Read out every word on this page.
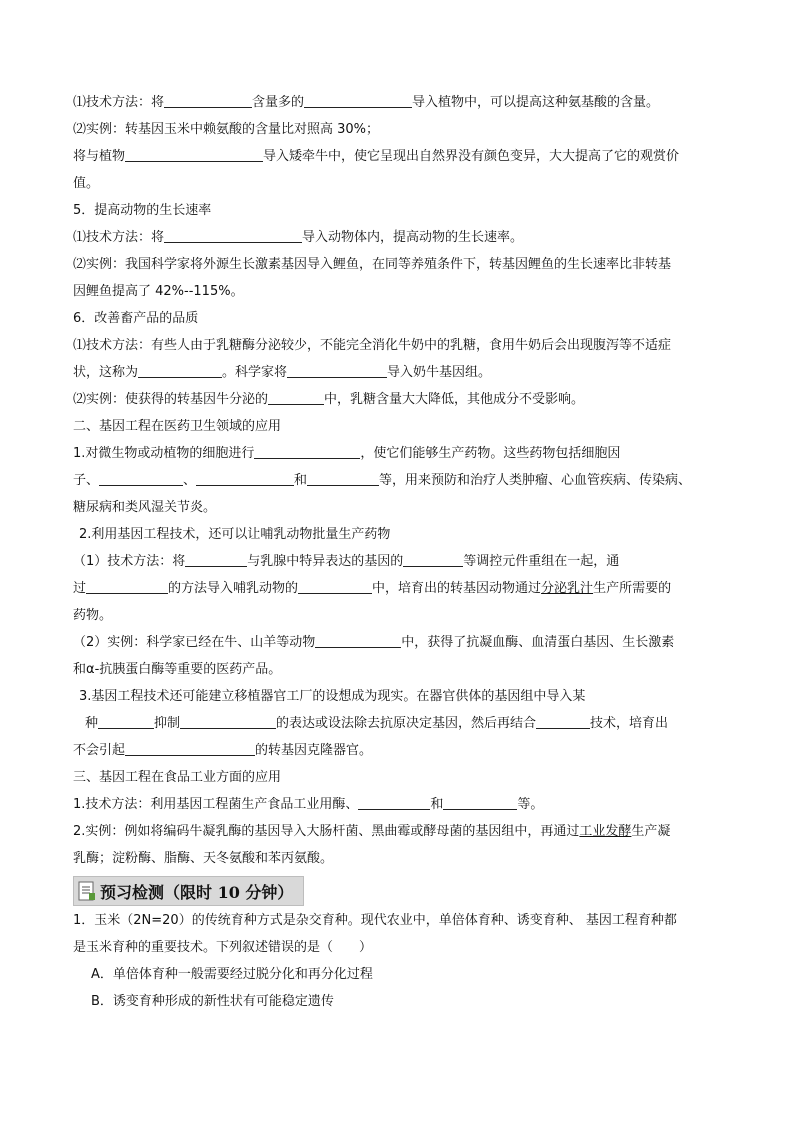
⑴技术方法：将	含量多的	导入植物中，可以提高这种氨基酸的含量。
⑵实例：转基因玉米中赖氨酸的含量比对照高 30%；
将与植物	导入矮牵牛中，使它呈现出自然界没有颜色变异，大大提高了它的观赏价
值。
5．提高动物的生长速率
⑴技术方法：将	导入动物体内，提高动物的生长速率。
⑵实例：我国科学家将外源生长激素基因导入鲤鱼，在同等养殖条件下，转基因鲤鱼的生长速率比非转基
因鲤鱼提高了 42%--115%。
6．改善畜产品的品质
⑴技术方法：有些人由于乳糖酶分泌较少，不能完全消化牛奶中的乳糖，食用牛奶后会出现腹泻等不适症
状，这称为	。科学家将	导入奶牛基因组。
⑵实例：使获得的转基因牛分泌的	中，乳糖含量大大降低，其他成分不受影响。
二、基因工程在医药卫生领域的应用
1.对微生物或动植物的细胞进行	，使它们能够生产药物。这些药物包括细胞因
子、	、	和	等，用来预防和治疗人类肿瘤、心血管疾病、传染病、
糖尿病和类风湿关节炎。
2.利用基因工程技术，还可以让哺乳动物批量生产药物
（1）技术方法：将	与乳腺中特异表达的基因的	等调控元件重组在一起，通
过	的方法导入哺乳动物的	中，培育出的转基因动物通过分泌乳汁生产所需要的
药物。
（2）实例：科学家已经在牛、山羊等动物	中，获得了抗凝血酶、血清蛋白基因、生长激素
和α-抗胰蛋白酶等重要的医药产品。
3.基因工程技术还可能建立移植器官工厂的设想成为现实。在器官供体的基因组中导入某
种	抑制	的表达或设法除去抗原决定基因，然后再结合	技术，培育出
不会引起	的转基因克隆器官。
三、基因工程在食品工业方面的应用
1.技术方法：利用基因工程菌生产食品工业用酶、	和	等。
2.实例：例如将编码牛凝乳酶的基因导入大肠杆菌、黑曲霉或酵母菌的基因组中，再通过工业发酵生产凝
乳酶；淀粉酶、脂酶、天冬氨酸和苯丙氨酸。
预习检测（限时 10 分钟）
1．玉米（2N=20）的传统育种方式是杂交育种。现代农业中，单倍体育种、诱变育种、 基因工程育种都
是玉米育种的重要技术。下列叙述错误的是（　　）
A．单倍体育种一般需要经过脱分化和再分化过程
B．诱变育种形成的新性状有可能稳定遗传
